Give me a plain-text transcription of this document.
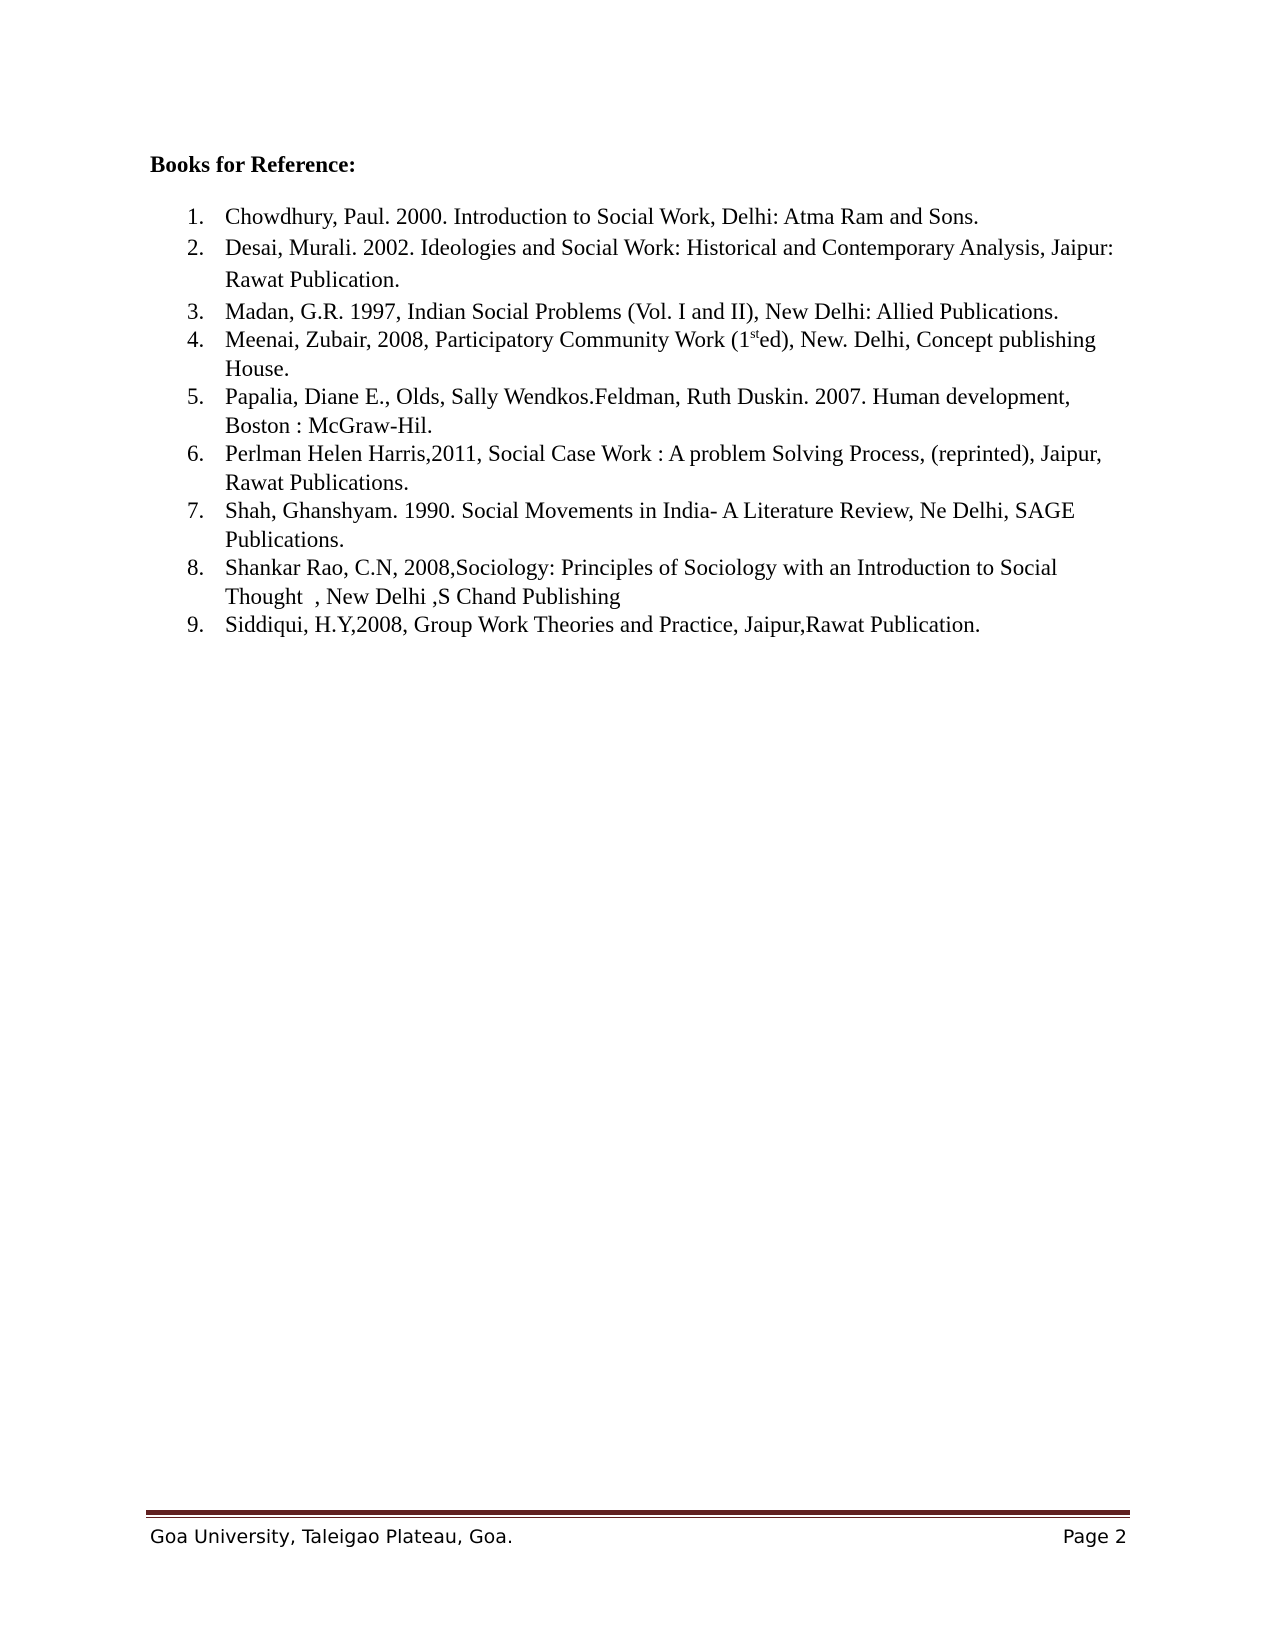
Books for Reference:
1. Chowdhury, Paul. 2000. Introduction to Social Work, Delhi: Atma Ram and Sons.
2. Desai, Murali. 2002. Ideologies and Social Work: Historical and Contemporary Analysis, Jaipur: Rawat Publication.
3. Madan, G.R. 1997, Indian Social Problems (Vol. I and II), New Delhi: Allied Publications.
4. Meenai, Zubair, 2008, Participatory Community Work (1sted), New. Delhi, Concept publishing House.
5. Papalia, Diane E., Olds, Sally Wendkos.Feldman, Ruth Duskin. 2007. Human development, Boston : McGraw-Hil.
6. Perlman Helen Harris,2011, Social Case Work : A problem Solving Process, (reprinted), Jaipur, Rawat Publications.
7. Shah, Ghanshyam. 1990. Social Movements in India- A Literature Review, Ne Delhi, SAGE Publications.
8. Shankar Rao, C.N, 2008,Sociology: Principles of Sociology with an Introduction to Social Thought  , New Delhi ,S Chand Publishing
9. Siddiqui, H.Y,2008, Group Work Theories and Practice, Jaipur,Rawat Publication.
Goa University, Taleigao Plateau, Goa.	Page 2
